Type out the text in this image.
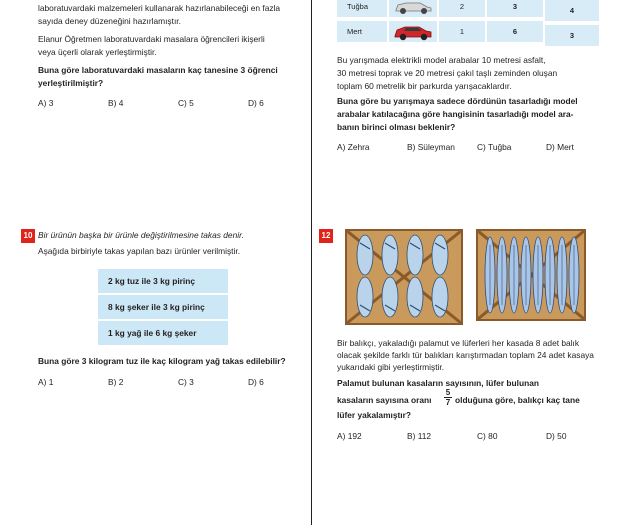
laboratuvardaki malzemeleri kullanarak hazırlanabileceği en fazla
sayıda deney düzeneğini hazırlamıştır.
Elanur Öğretmen laboratuvardaki masalara öğrencileri ikişerli
veya üçerli olarak yerleştirmiştir.
Buna göre laboratuvardaki masaların kaç tanesine 3 öğrenci
yerleştirilmiştir?
A) 3	B) 4	C) 5	D) 6
Tuğba	2	3	4
Mert	1	6	3
Bu yarışmada elektrikli model arabalar 10 metresi asfalt,
30 metresi toprak ve 20 metresi çakıl taşlı zeminden oluşan
toplam 60 metrelik bir parkurda yarışacaklardır.
Buna göre bu yarışmaya sadece dördünün tasarladığı model
arabalar katılacağına göre hangisinin tasarladığı model ara-
banın birinci olması beklenir?
A) Zehra	B) Süleyman	C) Tuğba	D) Mert
10 Bir ürünün başka bir ürünle değiştirilmesine takas denir.
Aşağıda birbiriyle takas yapılan bazı ürünler verilmiştir.
2 kg tuz ile 3 kg pirinç
8 kg şeker ile 3 kg pirinç
1 kg yağ ile 6 kg şeker
Buna göre 3 kilogram tuz ile kaç kilogram yağ takas edilebilir?
A) 1	B) 2	C) 3	D) 6
12
Bir balıkçı, yakaladığı palamut ve lüferleri her kasada 8 adet balık
olacak şekilde farklı tür balıkları karıştırmadan toplam 24 adet kasaya
yukarıdaki gibi yerleştirmiştir.
Palamut bulunan kasaların sayısının, lüfer bulunan
kasaların sayısına oranı $\frac{5}{7}$ olduğuna göre, balıkçı kaç tane
lüfer yakalamıştır?
A) 192	B) 112	C) 80	D) 50
